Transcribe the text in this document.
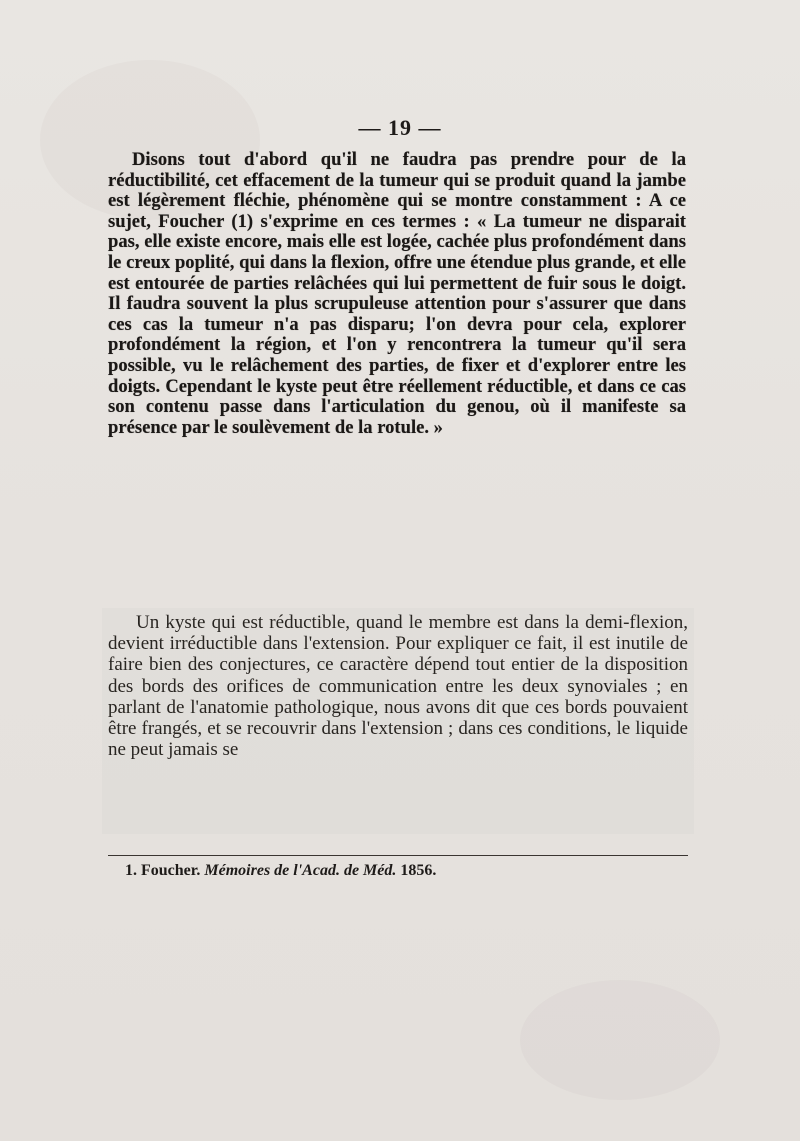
— 19 —

Disons tout d'abord qu'il ne faudra pas prendre pour de la réductibilité, cet effacement de la tumeur qui se produit quand la jambe est légèrement fléchie, phénomène qui se montre constamment : A ce sujet, Foucher (1) s'exprime en ces termes : « La tumeur ne disparait pas, elle existe encore, mais elle est logée, cachée plus profondément dans le creux poplité, qui dans la flexion, offre une étendue plus grande, et elle est entourée de parties relâchées qui lui permettent de fuir sous le doigt. Il faudra souvent la plus scrupuleuse attention pour s'assurer que dans ces cas la tumeur n'a pas disparu; l'on devra pour cela, explorer profondément la région, et l'on y rencontrera la tumeur qu'il sera possible, vu le relâchement des parties, de fixer et d'explorer entre les doigts. Cependant le kyste peut être réellement réductible, et dans ce cas son contenu passe dans l'articulation du genou, où il manifeste sa présence par le soulèvement de la rotule. »

Un kyste qui est réductible, quand le membre est dans la demi-flexion, devient irréductible dans l'extension. Pour expliquer ce fait, il est inutile de faire bien des conjectures, ce caractère dépend tout entier de la disposition des bords des orifices de communication entre les deux synoviales ; en parlant de l'anatomie pathologique, nous avons dit que ces bords pouvaient être frangés, et se recouvrir dans l'extension ; dans ces conditions, le liquide ne peut jamais se

1. Foucher. Mémoires de l'Acad. de Méd. 1856.
